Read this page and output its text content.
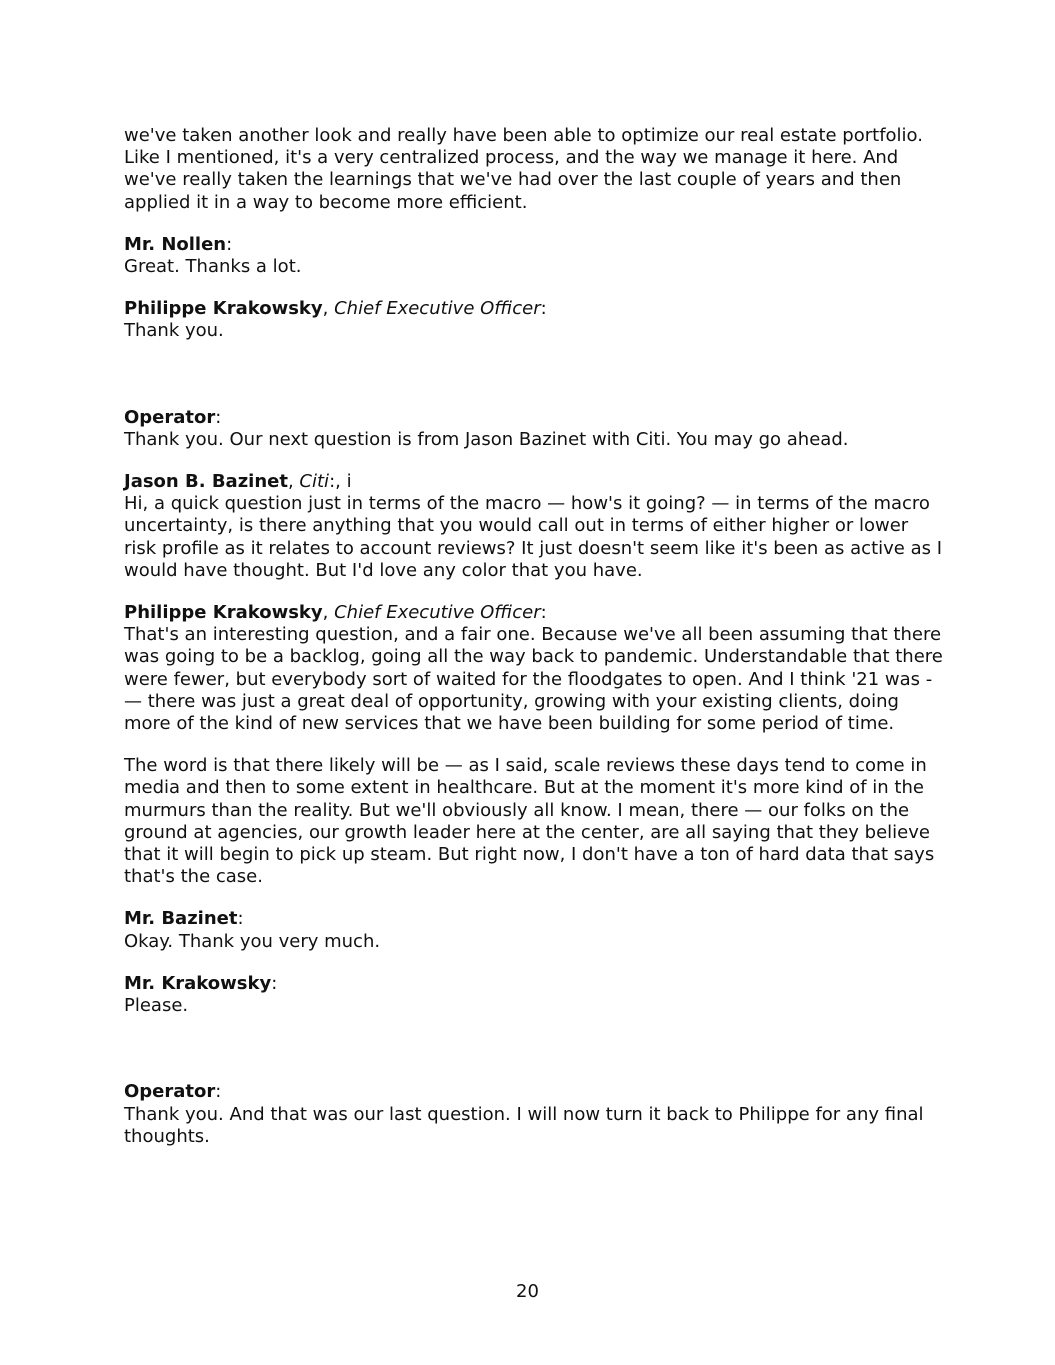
we've taken another look and really have been able to optimize our real estate portfolio. Like I mentioned, it's a very centralized process, and the way we manage it here. And we've really taken the learnings that we've had over the last couple of years and then applied it in a way to become more efficient.
Mr. Nollen:
Great. Thanks a lot.
Philippe Krakowsky, Chief Executive Officer:
Thank you.
Operator:
Thank you. Our next question is from Jason Bazinet with Citi. You may go ahead.
Jason B. Bazinet, Citi:, i
Hi, a quick question just in terms of the macro — how's it going? — in terms of the macro uncertainty, is there anything that you would call out in terms of either higher or lower risk profile as it relates to account reviews? It just doesn't seem like it's been as active as I would have thought. But I'd love any color that you have.
Philippe Krakowsky, Chief Executive Officer:
That's an interesting question, and a fair one. Because we've all been assuming that there was going to be a backlog, going all the way back to pandemic. Understandable that there were fewer, but everybody sort of waited for the floodgates to open. And I think '21 was -— there was just a great deal of opportunity, growing with your existing clients, doing more of the kind of new services that we have been building for some period of time.
The word is that there likely will be — as I said, scale reviews these days tend to come in media and then to some extent in healthcare. But at the moment it's more kind of in the murmurs than the reality. But we'll obviously all know. I mean, there — our folks on the ground at agencies, our growth leader here at the center, are all saying that they believe that it will begin to pick up steam. But right now, I don't have a ton of hard data that says that's the case.
Mr. Bazinet:
Okay. Thank you very much.
Mr. Krakowsky:
Please.
Operator:
Thank you. And that was our last question. I will now turn it back to Philippe for any final thoughts.
20
